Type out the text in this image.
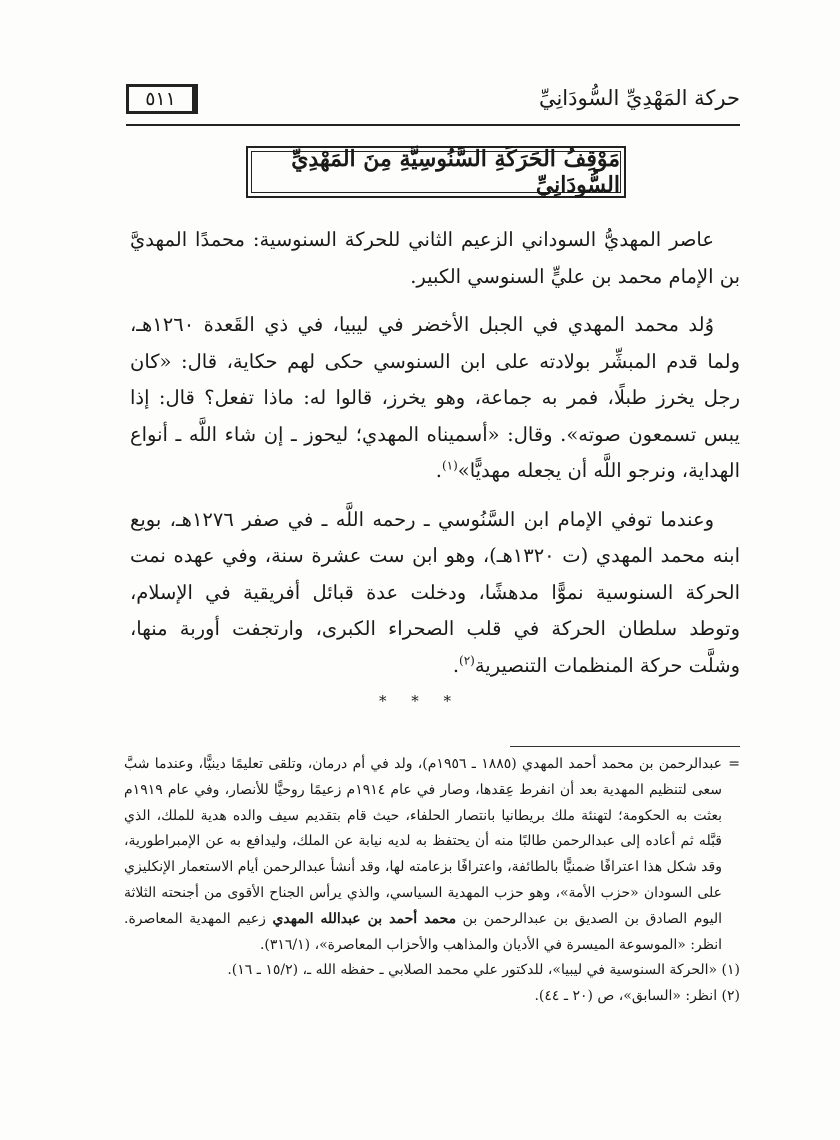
حركة المَهْدِيِّ السُّودَانِيِّ
٥١١
مَوْقِفُ الحَرَكَةِ السَّنُوسِيَّةِ مِنَ المَهْدِيِّ السُّودَانِيِّ

عاصر المهديُّ السوداني الزعيم الثاني للحركة السنوسية: محمدًا المهديَّ بن الإمام محمد بن عليٍّ السنوسي الكبير.

وُلد محمد المهدي في الجبل الأخضر في ليبيا، في ذي القَعدة ١٢٦٠هـ، ولما قدم المبشِّر بولادته على ابن السنوسي حكى لهم حكاية، قال: «كان رجل يخرز طبلًا، فمر به جماعة، وهو يخرز، قالوا له: ماذا تفعل؟ قال: إذا يبس تسمعون صوته». وقال: «أسميناه المهدي؛ ليحوز ـ إن شاء اللَّه ـ أنواع الهداية، ونرجو اللَّه أن يجعله مهديًّا»$^{(١)}$.

وعندما توفي الإمام ابن السَّنُوسي ـ رحمه اللَّه ـ في صفر ١٢٧٦هـ، بويع ابنه محمد المهدي (ت ١٣٢٠هـ)، وهو ابن ست عشرة سنة، وفي عهده نمت الحركة السنوسية نموًّا مدهشًا، ودخلت عدة قبائل أفريقية في الإسلام، وتوطد سلطان الحركة في قلب الصحراء الكبرى، وارتجفت أوربة منها، وشلَّت حركة المنظمات التنصيرية$^{(٢)}$.

* * *

=
عبدالرحمن بن محمد أحمد المهدي (١٨٨٥ ـ ١٩٥٦م)، ولد في أم درمان، وتلقى تعليمًا دينيًّا، وعندما شبَّ سعى لتنظيم المهدية بعد أن انفرط عِقدها، وصار في عام ١٩١٤م زعيمًا روحيًّا للأنصار، وفي عام ١٩١٩م بعثت به الحكومة؛ لتهنئة ملك بريطانيا بانتصار الحلفاء، حيث قام بتقديم سيف والده هدية للملك، الذي قبَّله ثم أعاده إلى عبدالرحمن طالبًا منه أن يحتفظ به لديه نيابة عن الملك، وليدافع به عن الإمبراطورية، وقد شكل هذا اعترافًا ضمنيًّا بالطائفة، واعترافًا بزعامته لها، وقد أنشأ عبدالرحمن أيام الاستعمار الإنكليزي على السودان «حزب الأمة»، وهو حزب المهدية السياسي، والذي يرأس الجناح الأقوى من أجنحته الثلاثة اليوم الصادق بن الصديق بن عبدالرحمن بن محمد أحمد بن عبدالله المهدي زعيم المهدية المعاصرة. انظر: «الموسوعة الميسرة في الأديان والمذاهب والأحزاب المعاصرة»، (٣١٦/١).

(١) «الحركة السنوسية في ليبيا»، للدكتور علي محمد الصلابي ـ حفظه الله ـ، (١٥/٢ ـ ١٦).

(٢) انظر: «السابق»، ص (٢٠ ـ ٤٤).
